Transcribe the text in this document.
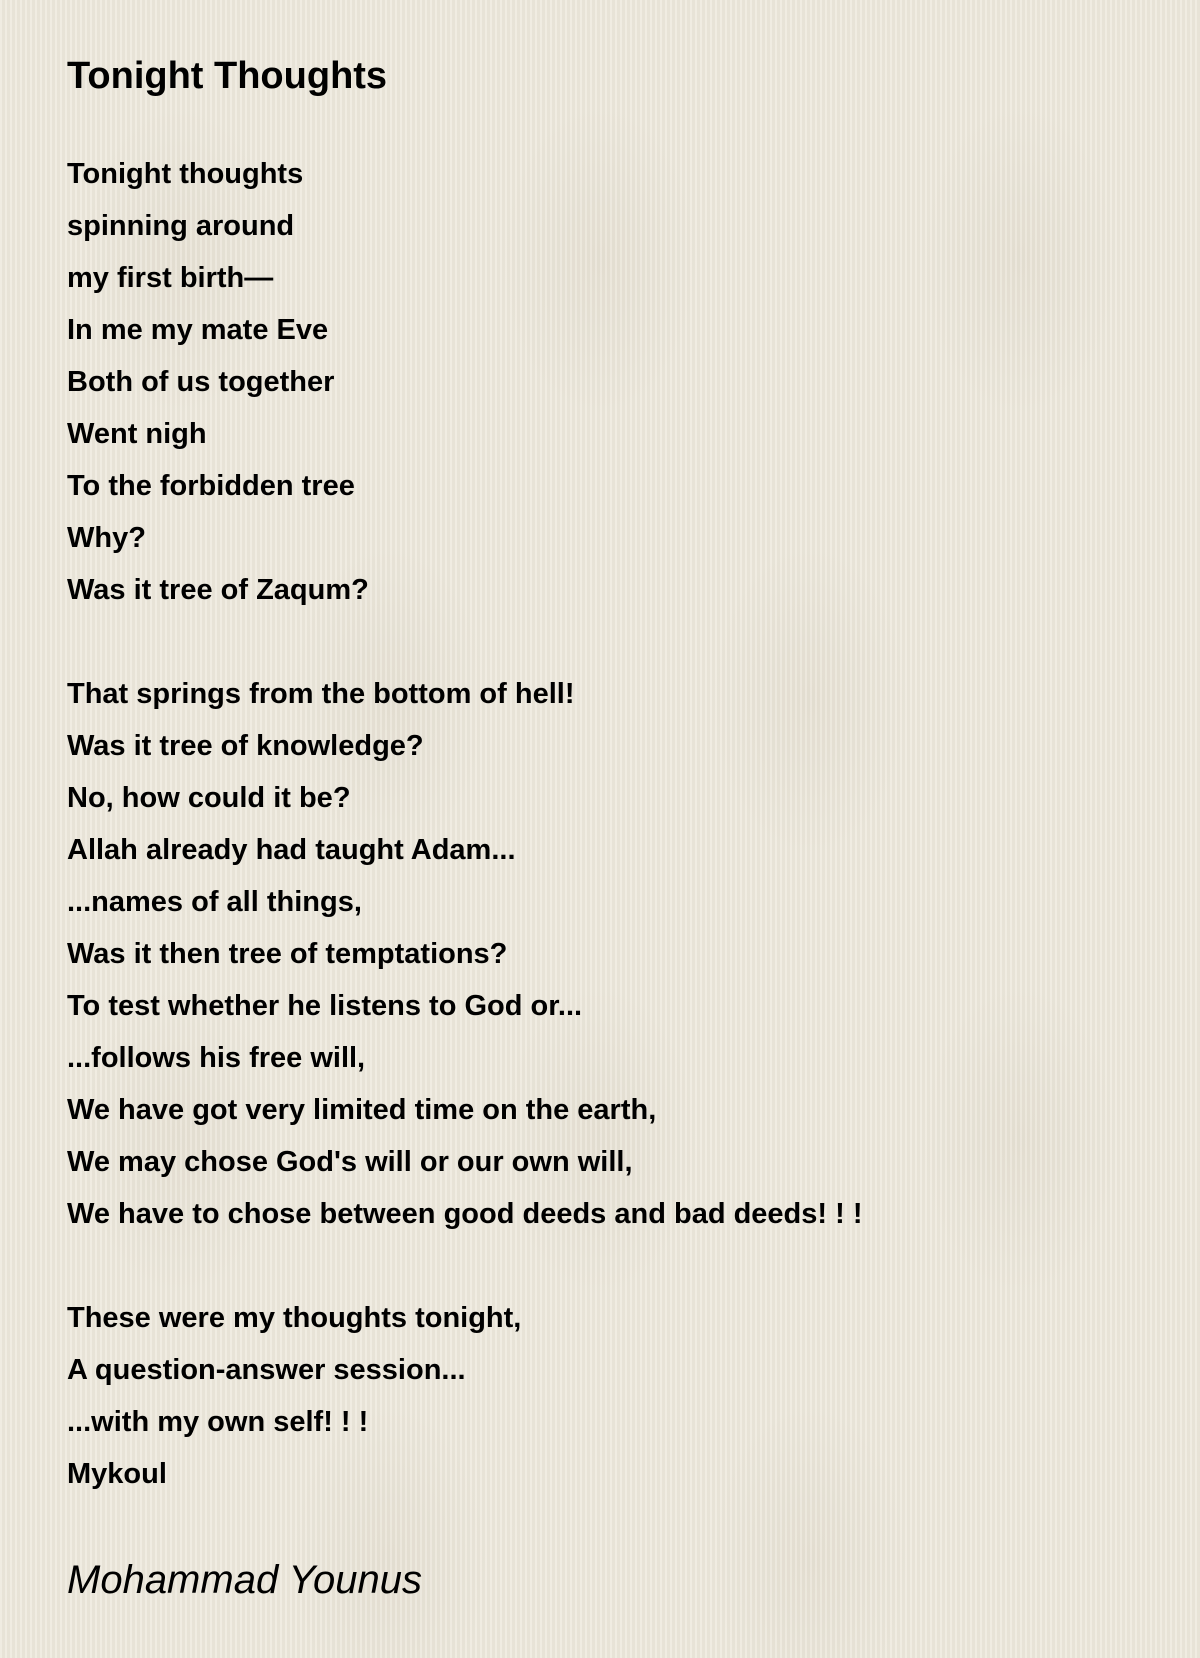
Tonight Thoughts
Tonight thoughts
spinning around
my first birth—
In me my mate Eve
Both of us together
Went nigh
To the forbidden tree
Why?
Was it tree of Zaqum?
That springs from the bottom of hell!
Was it tree of knowledge?
No, how could it be?
Allah already had taught Adam...
...names of all things,
Was it then tree of temptations?
To test whether he listens to God or...
...follows his free will,
We have got very limited time on the earth,
We may chose God's will or our own will,
We have to chose between good deeds and bad deeds! ! !
These were my thoughts tonight,
A question-answer session...
...with my own self! ! !
Mykoul
Mohammad Younus
